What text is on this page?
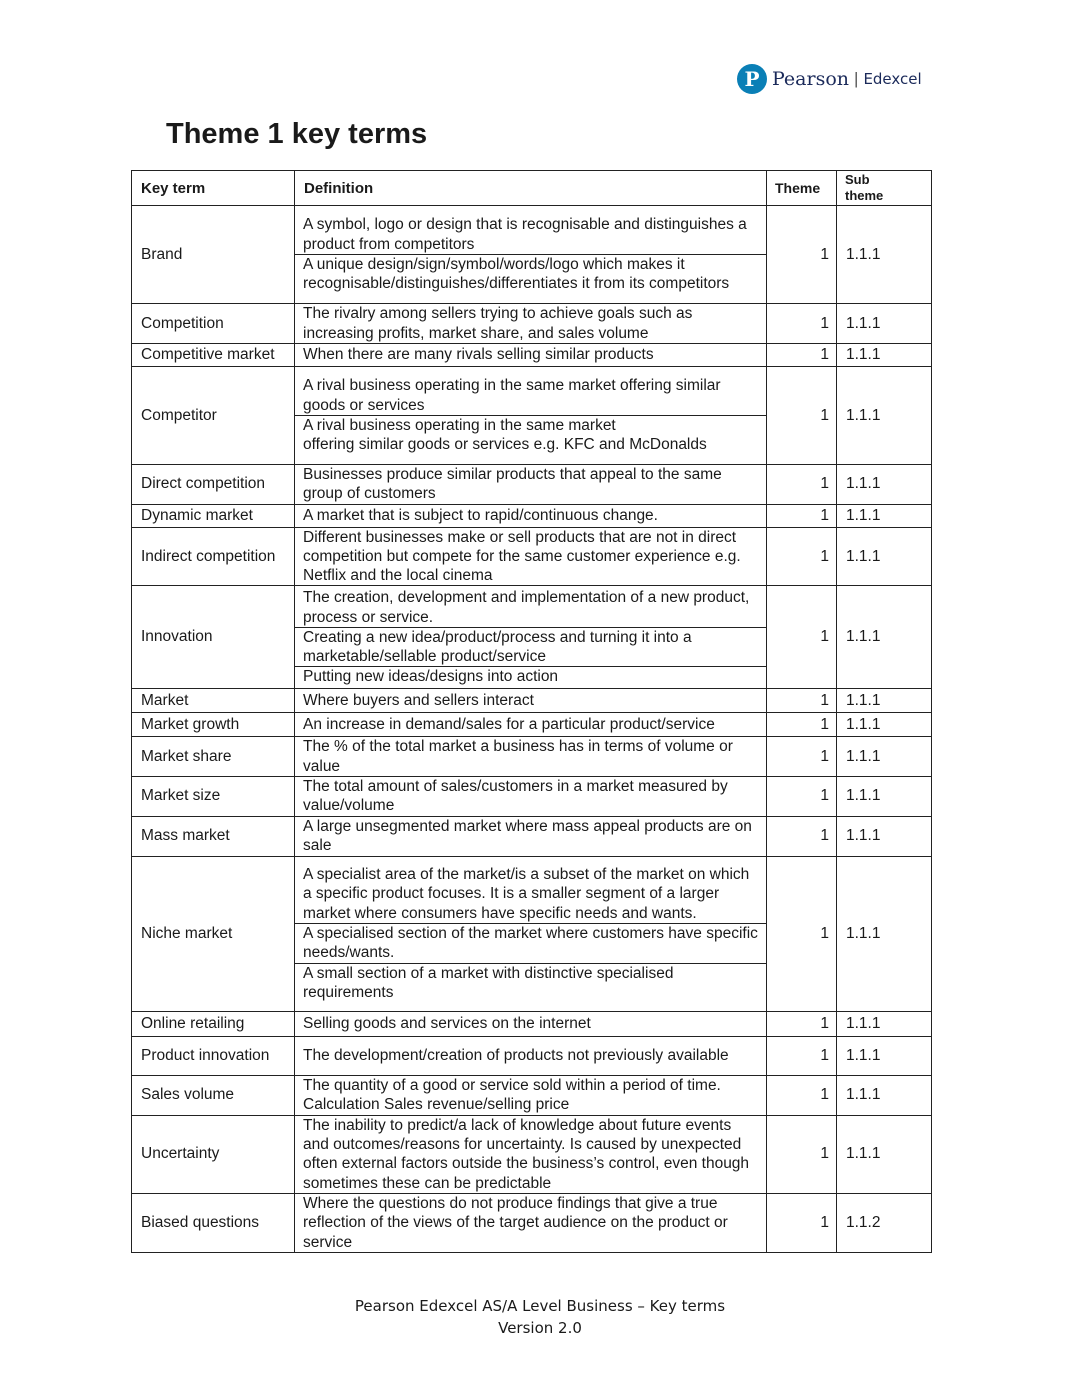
P Pearson | Edexcel
Theme 1 key terms
Key term	Definition	Theme	Sub
theme
Brand	A symbol, logo or design that is recognisable and distinguishes a product from competitors
A unique design/sign/symbol/words/logo which makes it recognisable/distinguishes/differentiates it from its competitors	1	1.1.1
Competition	The rivalry among sellers trying to achieve goals such as increasing profits, market share, and sales volume	1	1.1.1
Competitive market	When there are many rivals selling similar products	1	1.1.1
Competitor	A rival business operating in the same market offering similar goods or services
A rival business operating in the same market
offering similar goods or services e.g. KFC and McDonalds	1	1.1.1
Direct competition	Businesses produce similar products that appeal to the same group of customers	1	1.1.1
Dynamic market	A market that is subject to rapid/continuous change.	1	1.1.1
Indirect competition	Different businesses make or sell products that are not in direct competition but compete for the same customer experience e.g. Netflix and the local cinema	1	1.1.1
Innovation	The creation, development and implementation of a new product, process or service.
Creating a new idea/product/process and turning it into a marketable/sellable product/service
Putting new ideas/designs into action	1	1.1.1
Market	Where buyers and sellers interact	1	1.1.1
Market growth	An increase in demand/sales for a particular product/service	1	1.1.1
Market share	The % of the total market a business has in terms of volume or value	1	1.1.1
Market size	The total amount of sales/customers in a market measured by value/volume	1	1.1.1
Mass market	A large unsegmented market where mass appeal products are on sale	1	1.1.1
Niche market	A specialist area of the market/is a subset of the market on which a specific product focuses. It is a smaller segment of a larger market where consumers have specific needs and wants.
A specialised section of the market where customers have specific needs/wants.
A small section of a market with distinctive specialised requirements	1	1.1.1
Online retailing	Selling goods and services on the internet	1	1.1.1
Product innovation	The development/creation of products not previously available	1	1.1.1
Sales volume	The quantity of a good or service sold within a period of time.
Calculation Sales revenue/selling price	1	1.1.1
Uncertainty	The inability to predict/a lack of knowledge about future events and outcomes/reasons for uncertainty. Is caused by unexpected often external factors outside the business’s control, even though sometimes these can be predictable	1	1.1.1
Biased questions	Where the questions do not produce findings that give a true reflection of the views of the target audience on the product or service	1	1.1.2
Pearson Edexcel AS/A Level Business – Key terms
Version 2.0
